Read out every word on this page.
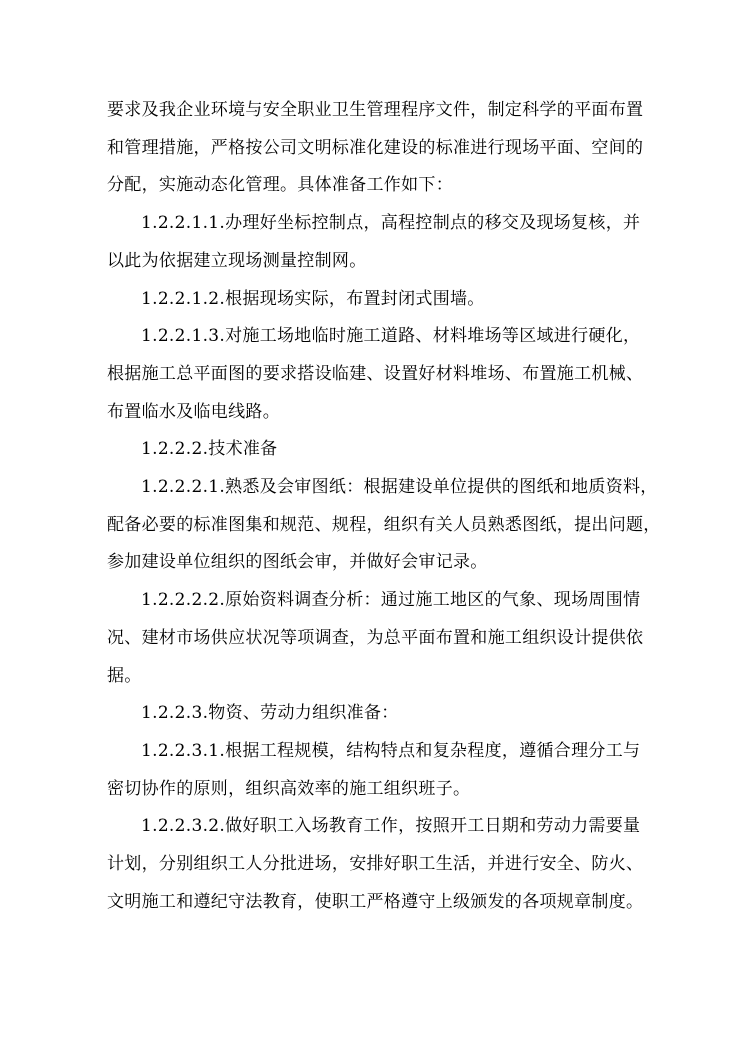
要求及我企业环境与安全职业卫生管理程序文件，制定科学的平面布置
和管理措施，严格按公司文明标准化建设的标准进行现场平面、空间的
分配，实施动态化管理。具体准备工作如下：

1.2.2.1.1.办理好坐标控制点，高程控制点的移交及现场复核，并
以此为依据建立现场测量控制网。

1.2.2.1.2.根据现场实际，布置封闭式围墙。

1.2.2.1.3.对施工场地临时施工道路、材料堆场等区域进行硬化，
根据施工总平面图的要求搭设临建、设置好材料堆场、布置施工机械、
布置临水及临电线路。

1.2.2.2.技术准备

1.2.2.2.1.熟悉及会审图纸：根据建设单位提供的图纸和地质资料，
配备必要的标准图集和规范、规程，组织有关人员熟悉图纸，提出问题，
参加建设单位组织的图纸会审，并做好会审记录。

1.2.2.2.2.原始资料调查分析：通过施工地区的气象、现场周围情
况、建材市场供应状况等项调查，为总平面布置和施工组织设计提供依
据。

1.2.2.3.物资、劳动力组织准备：

1.2.2.3.1.根据工程规模，结构特点和复杂程度，遵循合理分工与
密切协作的原则，组织高效率的施工组织班子。

1.2.2.3.2.做好职工入场教育工作，按照开工日期和劳动力需要量
计划，分别组织工人分批进场，安排好职工生活，并进行安全、防火、
文明施工和遵纪守法教育，使职工严格遵守上级颁发的各项规章制度。
